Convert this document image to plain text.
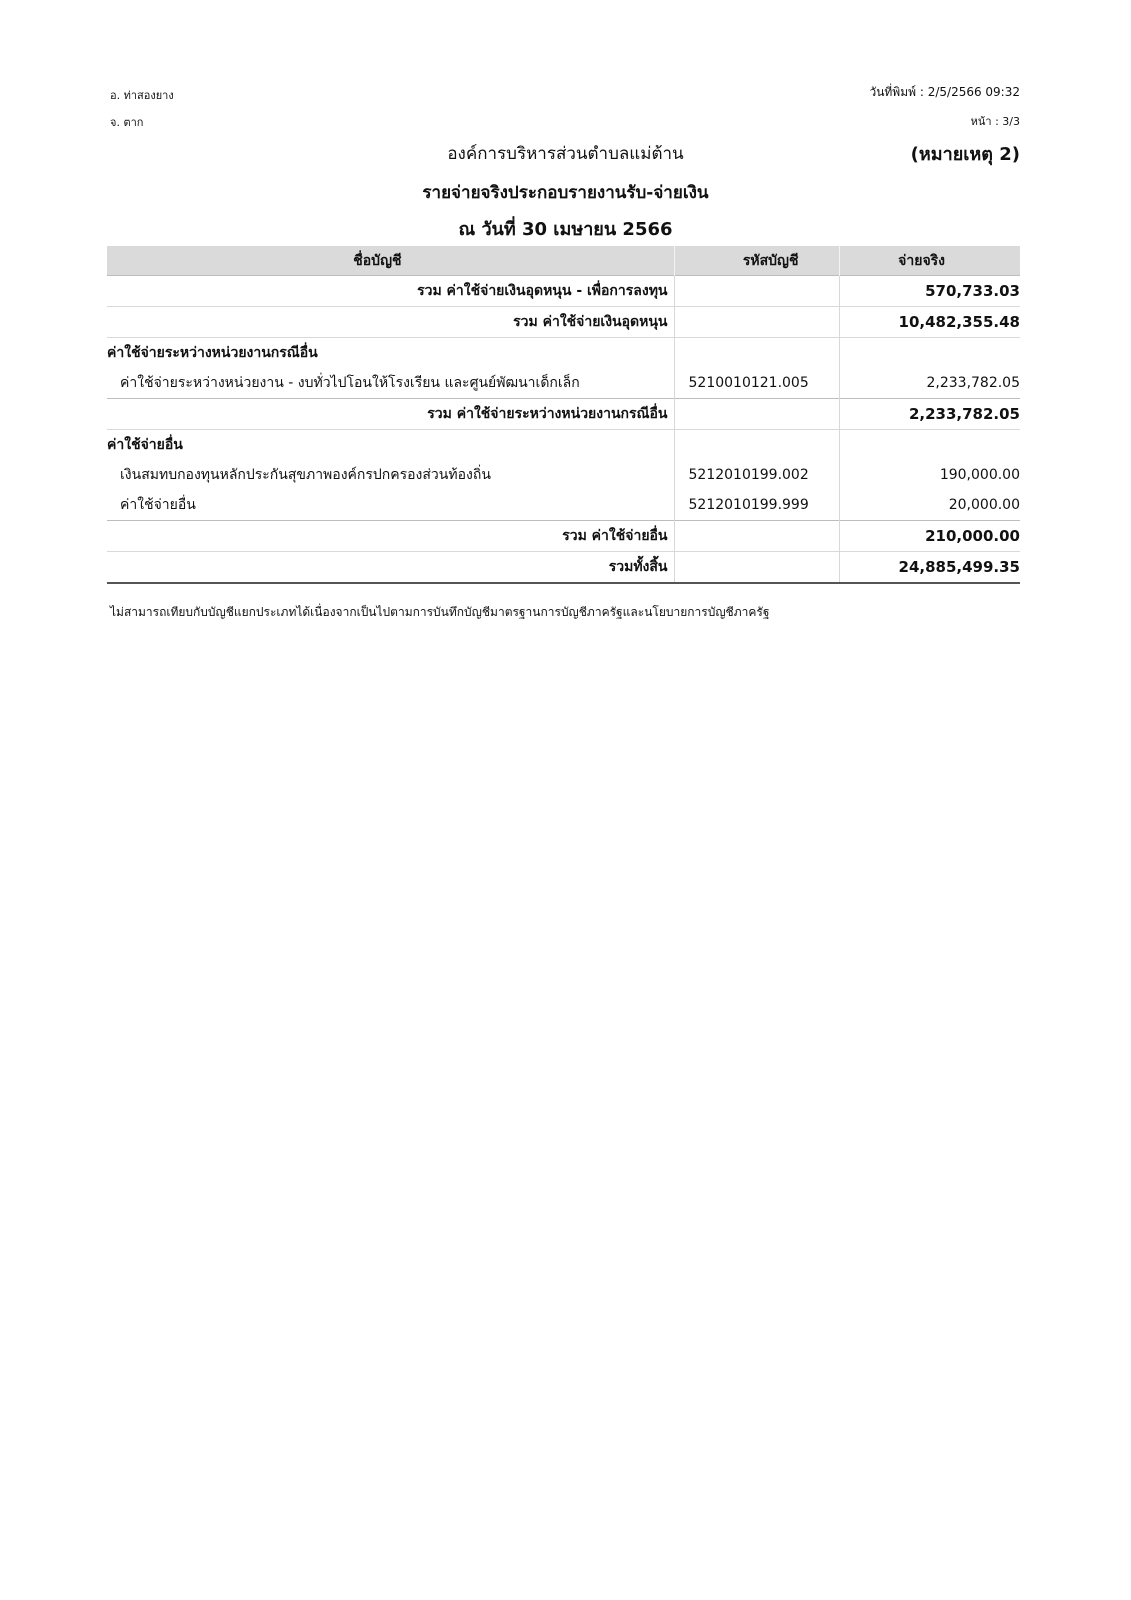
อ. ท่าสองยาง
จ. ตาก
วันที่พิมพ์ : 2/5/2566 09:32
หน้า : 3/3
องค์การบริหารส่วนตำบลแม่ต้าน	(หมายเหตุ 2)
รายจ่ายจริงประกอบรายงานรับ-จ่ายเงิน
ณ วันที่ 30 เมษายน 2566
ชื่อบัญชี	รหัสบัญชี	จ่ายจริง
รวม ค่าใช้จ่ายเงินอุดหนุน - เพื่อการลงทุน		570,733.03
รวม ค่าใช้จ่ายเงินอุดหนุน		10,482,355.48
ค่าใช้จ่ายระหว่างหน่วยงานกรณีอื่น		
ค่าใช้จ่ายระหว่างหน่วยงาน - งบทั่วไปโอนให้โรงเรียน และศูนย์พัฒนาเด็กเล็ก	5210010121.005	2,233,782.05
รวม ค่าใช้จ่ายระหว่างหน่วยงานกรณีอื่น		2,233,782.05
ค่าใช้จ่ายอื่น		
เงินสมทบกองทุนหลักประกันสุขภาพองค์กรปกครองส่วนท้องถิ่น	5212010199.002	190,000.00
ค่าใช้จ่ายอื่น	5212010199.999	20,000.00
รวม ค่าใช้จ่ายอื่น		210,000.00
รวมทั้งสิ้น		24,885,499.35
ไม่สามารถเทียบกับบัญชีแยกประเภทได้เนื่องจากเป็นไปตามการบันทึกบัญชีมาตรฐานการบัญชีภาครัฐและนโยบายการบัญชีภาครัฐ
